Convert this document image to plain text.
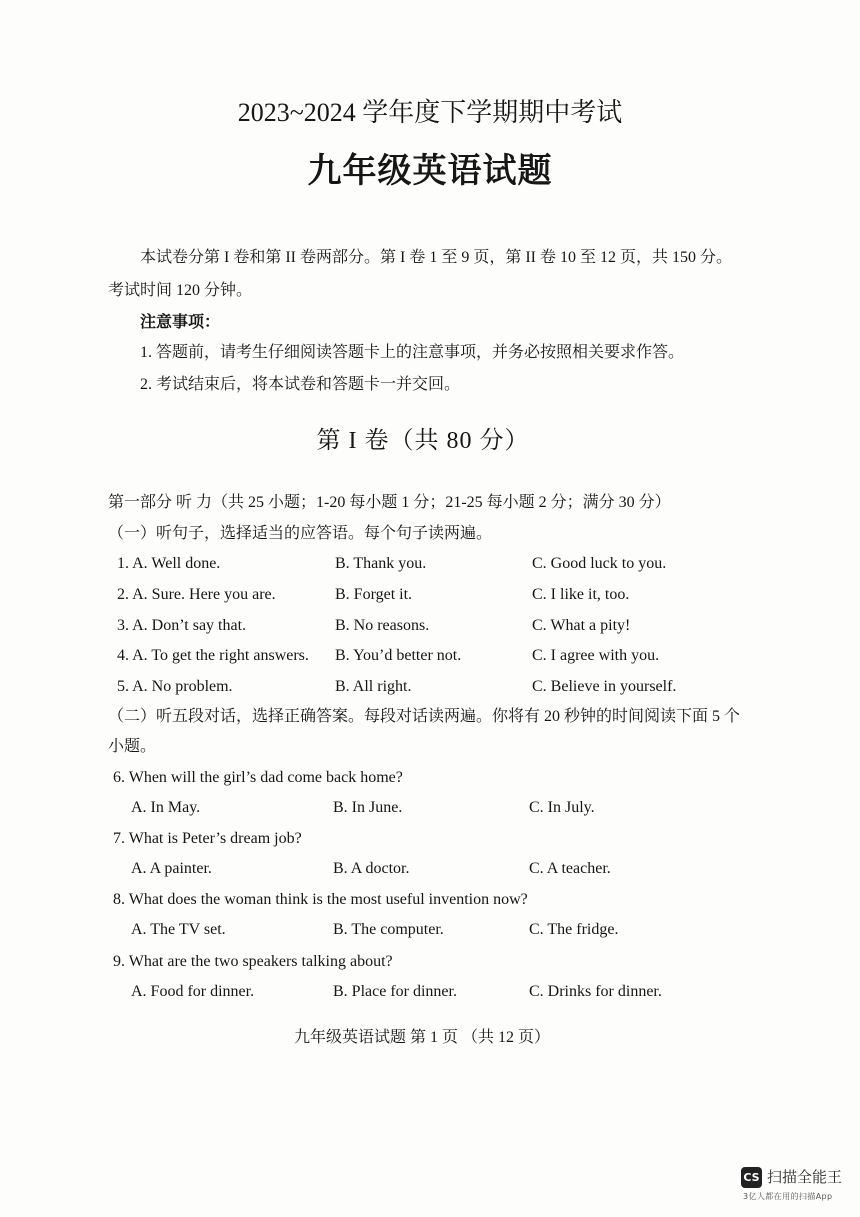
2023~2024 学年度下学期期中考试
九年级英语试题
本试卷分第 I 卷和第 II 卷两部分。第 I 卷 1 至 9 页，第 II 卷 10 至 12 页，共 150 分。
考试时间 120 分钟。
注意事项：
1. 答题前，请考生仔细阅读答题卡上的注意事项，并务必按照相关要求作答。
2. 考试结束后，将本试卷和答题卡一并交回。
第 I 卷（共 80 分）
第一部分 听 力（共 25 小题；1-20 每小题 1 分；21-25 每小题 2 分；满分 30 分）
（一）听句子，选择适当的应答语。每个句子读两遍。
1. A. Well done.	B. Thank you.	C. Good luck to you.
2. A. Sure. Here you are.	B. Forget it.	C. I like it, too.
3. A. Don’t say that.	B. No reasons.	C. What a pity!
4. A. To get the right answers. B. You’d better not.	C. I agree with you.
5. A. No problem.	B. All right.	C. Believe in yourself.
（二）听五段对话，选择正确答案。每段对话读两遍。你将有 20 秒钟的时间阅读下面 5 个
小题。
6. When will the girl’s dad come back home?
A. In May.	B. In June.	C. In July.
7. What is Peter’s dream job?
A. A painter.	B. A doctor.	C. A teacher.
8. What does the woman think is the most useful invention now?
A. The TV set.	B. The computer.	C. The fridge.
9. What are the two speakers talking about?
A. Food for dinner.	B. Place for dinner.	C. Drinks for dinner.
九年级英语试题 第 1 页 （共 12 页）
CS 扫描全能王
3亿人都在用的扫描App
